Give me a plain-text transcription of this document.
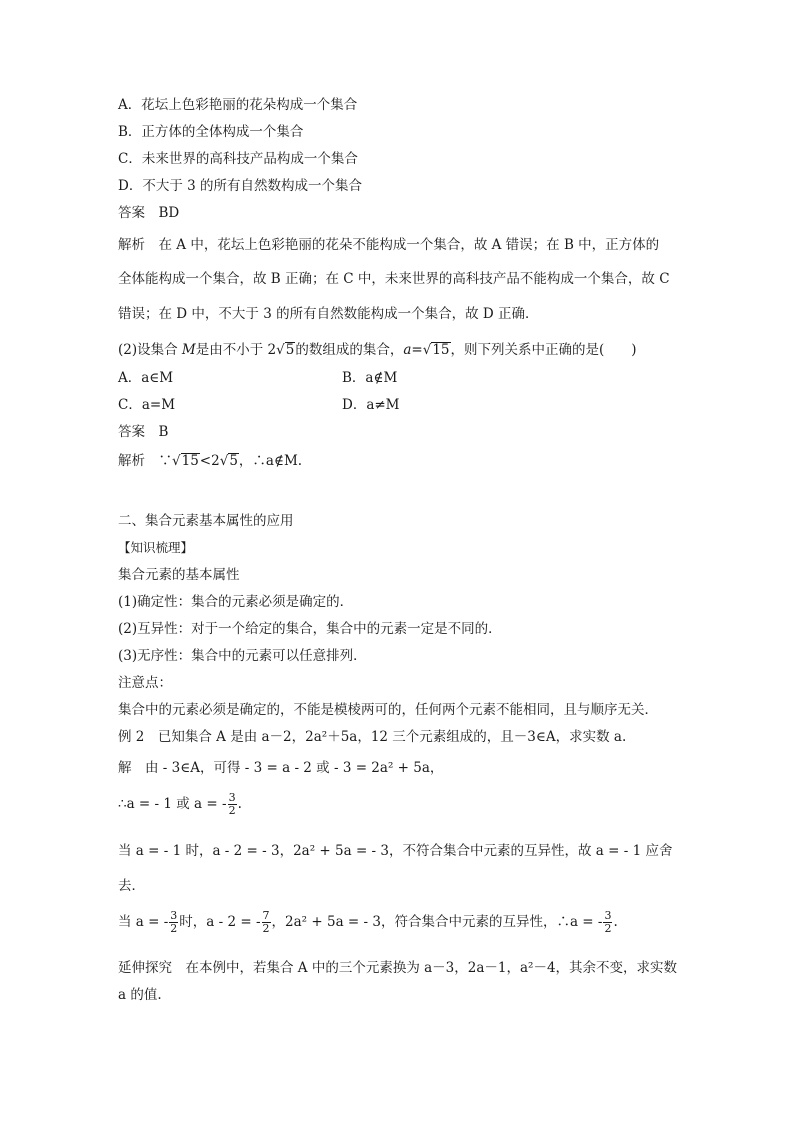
A．花坛上色彩艳丽的花朵构成一个集合
B．正方体的全体构成一个集合
C．未来世界的高科技产品构成一个集合
D．不大于 3 的所有自然数构成一个集合
答案　BD
解析　在 A 中，花坛上色彩艳丽的花朵不能构成一个集合，故 A 错误；在 B 中，正方体的
全体能构成一个集合，故 B 正确；在 C 中，未来世界的高科技产品不能构成一个集合，故 C
错误；在 D 中，不大于 3 的所有自然数能构成一个集合，故 D 正确．
(2)设集合 M是由不小于 2√5的数组成的集合，a=√15，则下列关系中正确的是(　　)
A．a∈M	B．a∉M
C．a=M	D．a≠M
答案　B
解析　∵√15<2√5，∴a∉M.
二、集合元素基本属性的应用
【知识梳理】
集合元素的基本属性
(1)确定性：集合的元素必须是确定的．
(2)互异性：对于一个给定的集合，集合中的元素一定是不同的．
(3)无序性：集合中的元素可以任意排列．
注意点：
集合中的元素必须是确定的，不能是模棱两可的，任何两个元素不能相同，且与顺序无关．
例 2　已知集合 A 是由 a－2，2a²＋5a，12 三个元素组成的，且－3∈A，求实数 a.
解　由 - 3∈A，可得 - 3 = a - 2 或 - 3 = 2a² + 5a，
∴a = - 1 或 a = - $\frac{3}{2}$ .
当 a = - 1 时，a - 2 = - 3，2a² + 5a = - 3，不符合集合中元素的互异性，故 a = - 1 应舍
去．
当 a = - $\frac{3}{2}$ 时，a - 2 = - $\frac{7}{2}$ ，2a² + 5a = - 3，符合集合中元素的互异性，∴a = - $\frac{3}{2}$ .
延伸探究　在本例中，若集合 A 中的三个元素换为 a－3，2a－1，a²－4，其余不变，求实数
a 的值.
